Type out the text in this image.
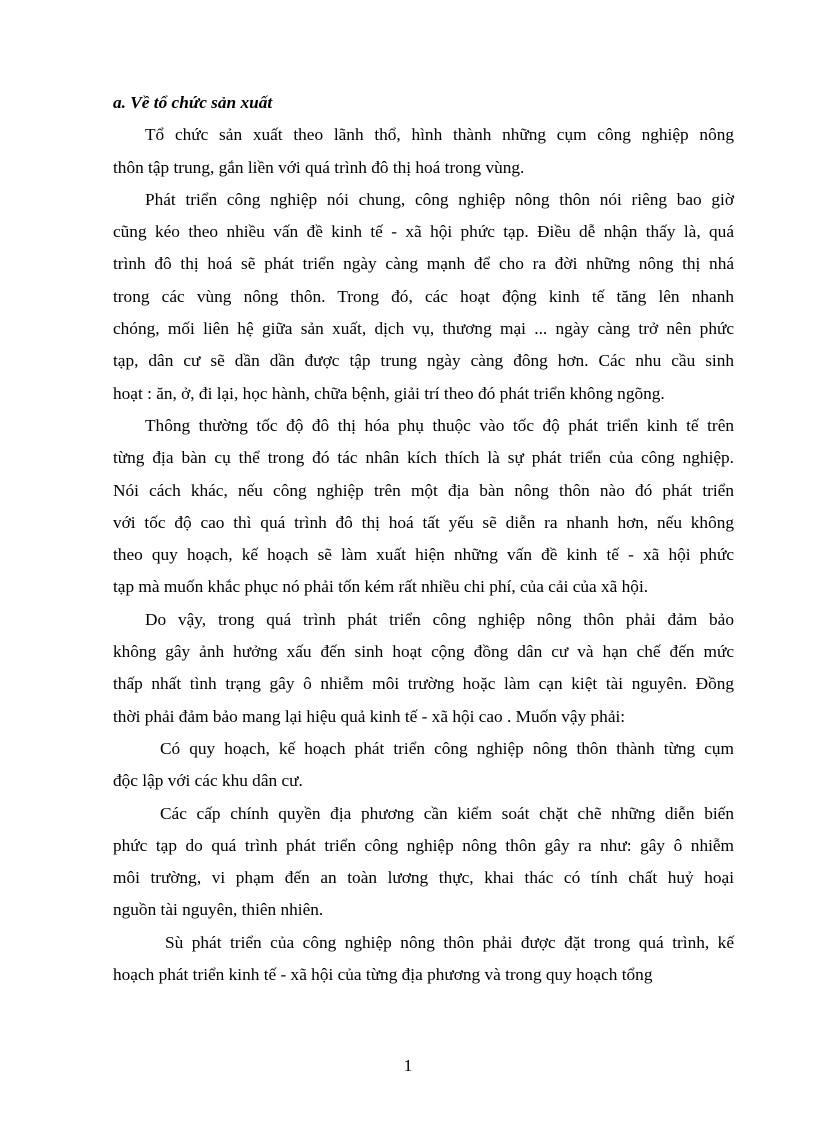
a. Về tổ chức sản xuất
Tổ chức sản xuất theo lãnh thổ, hình thành những cụm công nghiệp nông
thôn tập trung, gắn liền với quá trình đô thị hoá trong vùng.
Phát triển công nghiệp nói chung, công nghiệp nông thôn nói riêng bao giờ
cũng kéo theo nhiều vấn đề kinh tế - xã hội phức tạp. Điều dễ nhận thấy là, quá
trình đô thị hoá sẽ phát triển ngày càng mạnh để cho ra đời những nông thị nhá
trong các vùng nông thôn. Trong đó, các hoạt động kinh tế tăng lên nhanh
chóng, mối liên hệ giữa sản xuất, dịch vụ, thương mại ... ngày càng trở nên phức
tạp, dân cư sẽ dần dần được tập trung ngày càng đông hơn. Các nhu cầu sinh
hoạt : ăn, ở, đi lại, học hành, chữa bệnh, giải trí theo đó phát triển không ngõng.
Thông thường tốc độ đô thị hóa phụ thuộc vào tốc độ phát triển kinh tế trên
từng địa bàn cụ thể trong đó tác nhân kích thích là sự phát triển của công nghiệp.
Nói cách khác, nếu công nghiệp trên một địa bàn nông thôn nào đó phát triển
với tốc độ cao thì quá trình đô thị hoá tất yếu sẽ diễn ra nhanh hơn, nếu không
theo quy hoạch, kế hoạch sẽ làm xuất hiện những vấn đề kinh tế - xã hội phức
tạp mà muốn khắc phục nó phải tốn kém rất nhiều chi phí, của cải của xã hội.
Do vậy, trong quá trình phát triển công nghiệp nông thôn phải đảm bảo
không gây ảnh hưởng xấu đến sinh hoạt cộng đồng dân cư và hạn chế đến mức
thấp nhất tình trạng gây ô nhiễm môi trường hoặc làm cạn kiệt tài nguyên. Đồng
thời phải đảm bảo mang lại hiệu quả kinh tế - xã hội cao . Muốn vậy phải:
Có quy hoạch, kế hoạch phát triển công nghiệp nông thôn thành từng cụm
độc lập với các khu dân cư.
Các cấp chính quyền địa phương cần kiểm soát chặt chẽ những diễn biến
phức tạp do quá trình phát triển công nghiệp nông thôn gây ra như: gây ô nhiễm
môi trường, vi phạm đến an toàn lương thực, khai thác có tính chất huỷ hoại
nguồn tài nguyên, thiên nhiên.
Sù phát triển của công nghiệp nông thôn phải được đặt trong quá trình, kế
hoạch phát triển kinh tế - xã hội của từng địa phương và trong quy hoạch tổng
1
